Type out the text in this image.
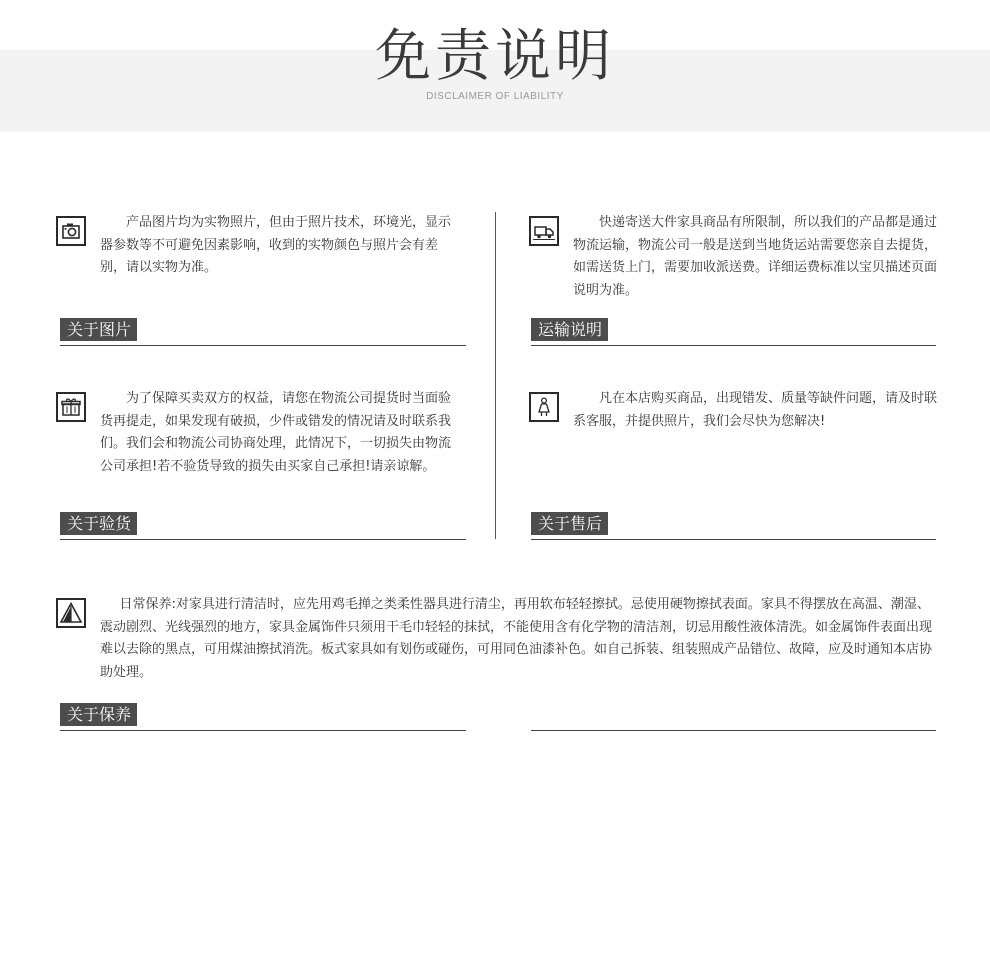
免责说明
DISCLAIMER OF LIABILITY
产品图片均为实物照片，但由于照片技术，环境光，显示器参数等不可避免因素影响，收到的实物颜色与照片会有差别，请以实物为准。
关于图片
快递寄送大件家具商品有所限制，所以我们的产品都是通过物流运输，物流公司一般是送到当地货运站需要您亲自去提货，如需送货上门，需要加收派送费。详细运费标准以宝贝描述页面说明为准。
运输说明
为了保障买卖双方的权益，请您在物流公司提货时当面验货再提走，如果发现有破损，少件或错发的情况请及时联系我们。我们会和物流公司协商处理，此情况下，一切损失由物流公司承担!若不验货导致的损失由买家自己承担!请亲谅解。
关于验货
凡在本店购买商品，出现错发、质量等缺件问题，请及时联系客服，并提供照片，我们会尽快为您解决!
关于售后
日常保养:对家具进行清洁时，应先用鸡毛掸之类柔性器具进行清尘，再用软布轻轻擦拭。忌使用硬物擦拭表面。家具不得摆放在高温、潮湿、震动剧烈、光线强烈的地方，家具金属饰件只须用干毛巾轻轻的抹拭，不能使用含有化学物的清洁剂，切忌用酸性液体清洗。如金属饰件表面出现难以去除的黑点，可用煤油擦拭消洗。板式家具如有划伤或碰伤，可用同色油漆补色。如自己拆装、组装照成产品错位、故障，应及时通知本店协助处理。
关于保养
